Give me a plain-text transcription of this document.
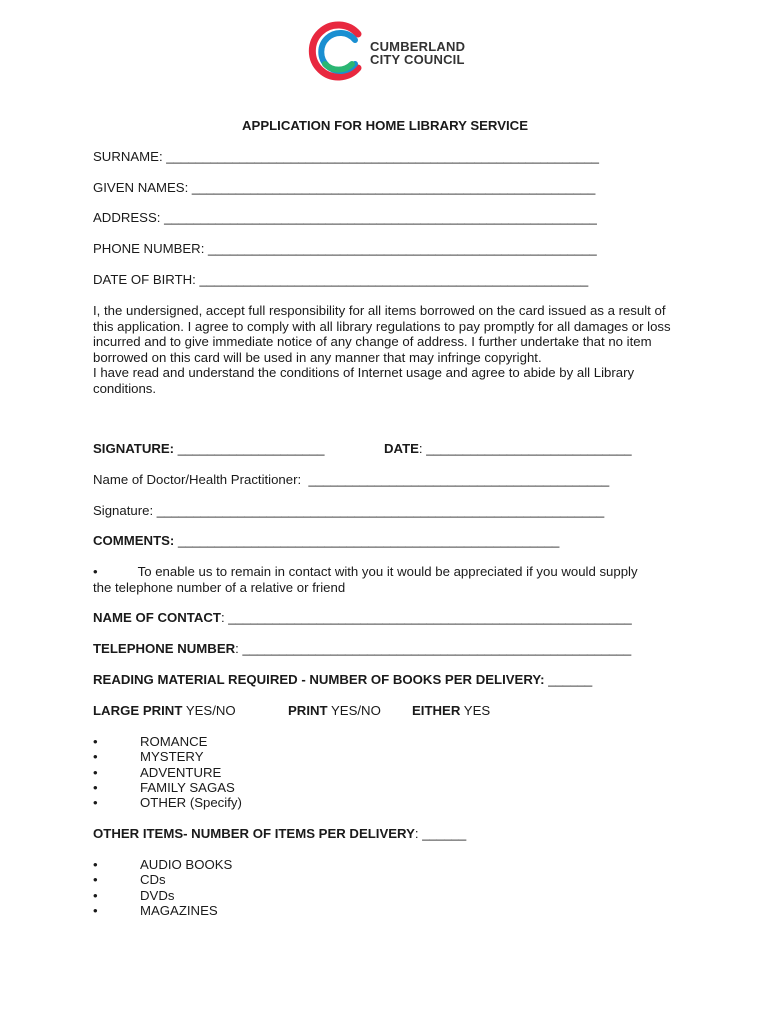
CUMBERLAND
CITY COUNCIL
APPLICATION FOR HOME LIBRARY SERVICE
SURNAME: ___________________________________________________________
GIVEN NAMES: _______________________________________________________
ADDRESS: ___________________________________________________________
PHONE NUMBER: _____________________________________________________
DATE OF BIRTH: _____________________________________________________
I, the undersigned, accept full responsibility for all items borrowed on the card issued as a result of this application. I agree to comply with all library regulations to pay promptly for all damages or loss incurred and to give immediate notice of any change of address. I further undertake that no item borrowed on this card will be used in any manner that may infringe copyright.
I have read and understand the conditions of Internet usage and agree to abide by all Library conditions.
SIGNATURE: ____________________	DATE: ____________________________
Name of Doctor/Health Practitioner:  _________________________________________
Signature: _____________________________________________________________
COMMENTS: ____________________________________________________
•	To enable us to remain in contact with you it would be appreciated if you would supply the telephone number of a relative or friend
NAME OF CONTACT: _______________________________________________________
TELEPHONE NUMBER: _____________________________________________________
READING MATERIAL REQUIRED - NUMBER OF BOOKS PER DELIVERY: ______
LARGE PRINT YES/NO	PRINT YES/NO EITHER YES
•	ROMANCE
•	MYSTERY
•	ADVENTURE
•	FAMILY SAGAS
•	OTHER (Specify)
OTHER ITEMS- NUMBER OF ITEMS PER DELIVERY: ______
•	AUDIO BOOKS
•	CDs
•	DVDs
•	MAGAZINES
